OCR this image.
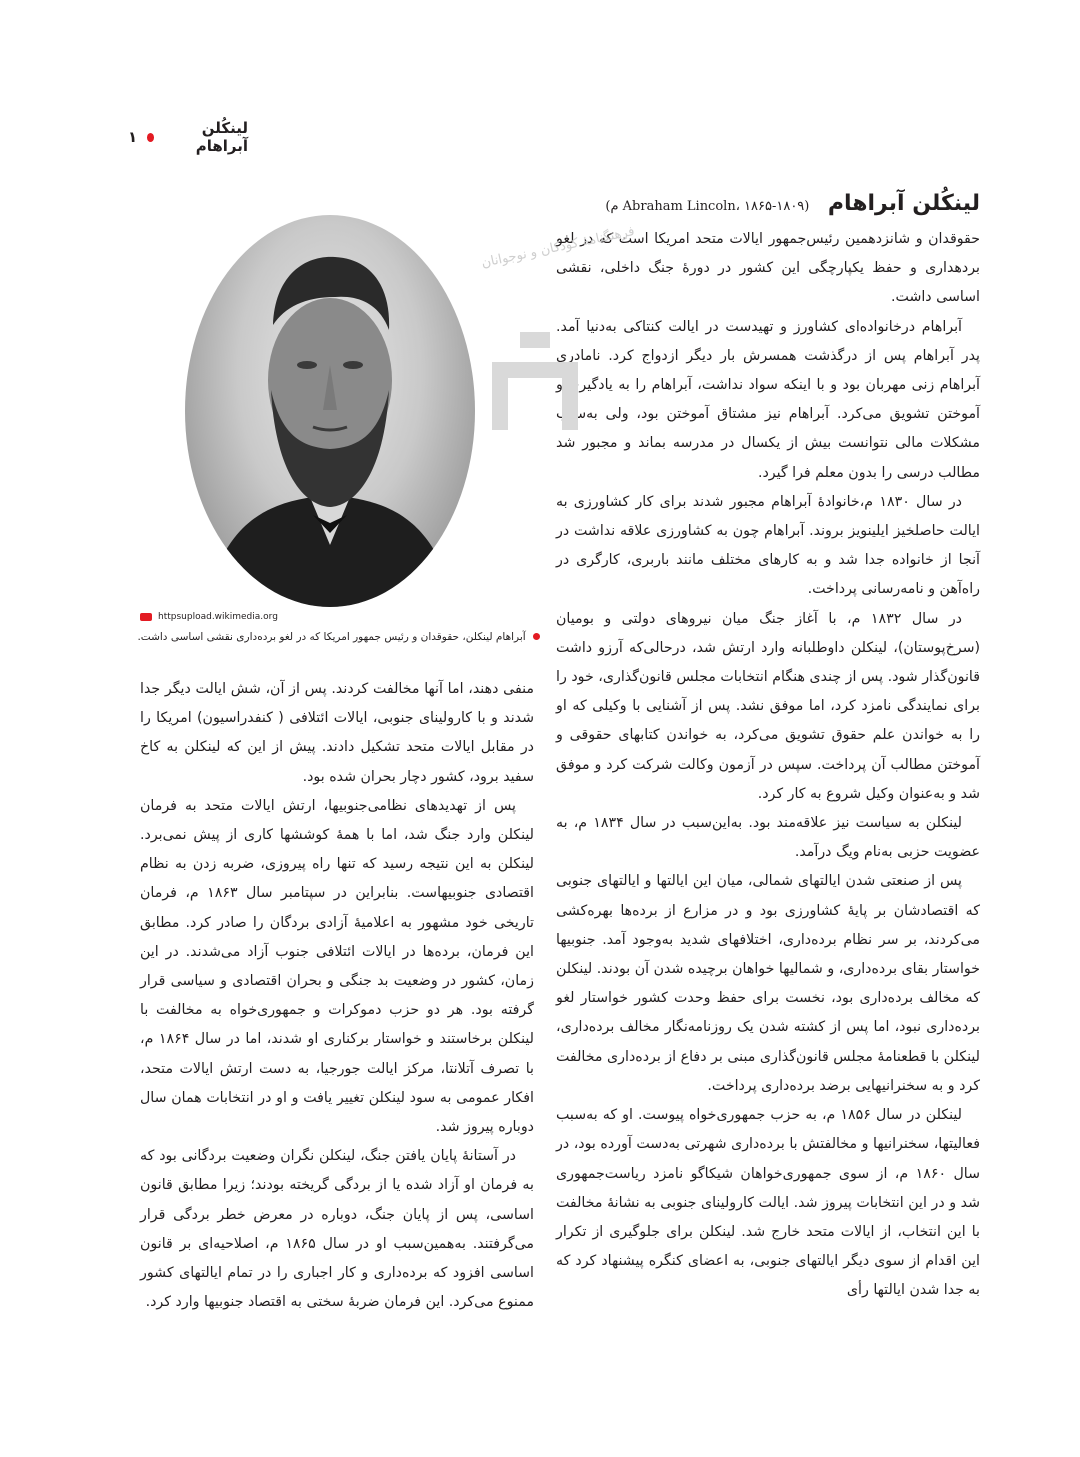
لینکُلن آبراهام
۱
httpsupload.wikimedia.org
آبراهام لینکلن، حقوقدان و رئیس جمهور امریکا که در لغو برده‌داری نقشی اساسی داشت.

لینکُلن آبراهام (Abraham Lincoln، ۱۸۶۵-۱۸۰۹ م)

حقوقدان و شانزدهمین رئیس‌جمهور ایالات متحد امریکا است که در لغو بردهداری و حفظ یکپارچگی این کشور در دورهٔ جنگ داخلی، نقشی اساسی داشت.

آبراهام درخانواده‌ای کشاورز و تهیدست در ایالت کنتاکی به‌دنیا آمد. پدر آبراهام پس از درگذشت همسرش بار دیگر ازدواج کرد. نامادری آبراهام زنی مهربان بود و با اینکه سواد نداشت، آبراهام را به یادگیری و آموختن تشویق می‌کرد. آبراهام نیز مشتاق آموختن بود، ولی به‌سبب مشکلات مالی نتوانست بیش از یکسال در مدرسه بماند و مجبور شد مطالب درسی را بدون معلم فرا گیرد.

در سال ۱۸۳۰ م،خانوادهٔ آبراهام مجبور شدند برای کار کشاورزی به ایالت حاصلخیز ایلینویز بروند. آبراهام چون به کشاورزی علاقه نداشت در آنجا از خانواده جدا شد و به کارهای مختلف مانند باربری، کارگری در راه‌آهن و نامه‌رسانی پرداخت.

در سال ۱۸۳۲ م، با آغاز جنگ میان نیروهای دولتی و بومیان (سرخ‌پوستان)، لینکلن داوطلبانه وارد ارتش شد، درحالی‌که آرزو داشت قانون‌گذار شود. پس از چندی هنگام انتخابات مجلس قانون‌گذاری، خود را برای نمایندگی نامزد کرد، اما موفق نشد. پس از آشنایی با وکیلی که او را به خواندن علم حقوق تشویق می‌کرد، به خواندن کتابهای حقوقی و آموختن مطالب آن پرداخت. سپس در آزمون وکالت شرکت کرد و موفق شد و به‌عنوان وکیل شروع به کار کرد.

لینکلن به سیاست نیز علاقه‌مند بود. به‌این‌سبب در سال ۱۸۳۴ م، به عضویت حزبی به‌نام ویگ درآمد.

پس از صنعتی شدن ایالتهای شمالی، میان این ایالتها و ایالتهای جنوبی که اقتصادشان بر پایهٔ کشاورزی بود و در مزارع از برده‌ها بهره‌کشی می‌کردند، بر سر نظام برده‌داری، اختلافهای شدید به‌وجود آمد. جنوبیها خواستار بقای برده‌داری، و شمالیها خواهان برچیده شدن آن بودند. لینکلن که مخالف برده‌داری بود، نخست برای حفظ وحدت کشور خواستار لغو برده‌داری نبود، اما پس از کشته شدن یک روزنامه‌نگار مخالف برده‌داری، لینکلن با قطعنامهٔ مجلس قانون‌گذاری مبنی بر دفاع از برده‌داری مخالفت کرد و به سخنرانیهایی برضد برده‌داری پرداخت.

لینکلن در سال ۱۸۵۶ م، به حزب جمهوری‌خواه پیوست. او که به‌سبب فعالیتها، سخنرانیها و مخالفتش با برده‌داری شهرتی به‌دست آورده بود، در سال ۱۸۶۰ م، از سوی جمهوری‌خواهان شیکاگو نامزد ریاست‌جمهوری شد و در این انتخابات پیروز شد. ایالت کارولینای جنوبی به نشانهٔ مخالفت با این انتخاب، از ایالات متحد خارج شد. لینکلن برای جلوگیری از تکرار این اقدام از سوی دیگر ایالتهای جنوبی، به اعضای کنگره پیشنهاد کرد که به جدا شدن ایالتها رأی

منفی دهند، اما آنها مخالفت کردند. پس از آن، شش ایالت دیگر جدا شدند و با کارولینای جنوبی، ایالات ائتلافی ( کنفدراسیون) امریکا را در مقابل ایالات متحد تشکیل دادند. پیش از این که لینکلن به کاخ سفید برود، کشور دچار بحران شده بود.

پس از تهدیدهای نظامی‌جنوبیها، ارتش ایالات متحد به فرمان لینکلن وارد جنگ شد، اما با همهٔ کوششها کاری از پیش نمی‌برد. لینکلن به این نتیجه رسید که تنها راه پیروزی، ضربه زدن به نظام اقتصادی جنوبیهاست. بنابراین در سپتامبر سال ۱۸۶۳ م، فرمان تاریخی خود مشهور به اعلامیهٔ آزادی بردگان را صادر کرد. مطابق این فرمان، برده‌ها در ایالات ائتلافی جنوب آزاد می‌شدند. در این زمان، کشور در وضعیت بد جنگی و بحران اقتصادی و سیاسی قرار گرفته بود. هر دو حزب دموکرات و جمهوری‌خواه به مخالفت با لینکلن برخاستند و خواستار برکناری او شدند، اما در سال ۱۸۶۴ م، با تصرف آتلانتا، مرکز ایالت جورجیا، به دست ارتش ایالات متحد، افکار عمومی به سود لینکلن تغییر یافت و او در انتخابات همان سال دوباره پیروز شد.

در آستانهٔ پایان یافتن جنگ، لینکلن نگران وضعیت بردگانی بود که به فرمان او آزاد شده یا از بردگی گریخته بودند؛ زیرا مطابق قانون اساسی، پس از پایان جنگ، دوباره در معرض خطر بردگی قرار می‌گرفتند. به‌همین‌سبب او در سال ۱۸۶۵ م، اصلاحیه‌ای بر قانون اساسی افزود که برده‌داری و کار اجباری را در تمام ایالتهای کشور ممنوع می‌کرد. این فرمان ضربهٔ سختی به اقتصاد جنوبیها وارد کرد.

فرهنگنامهٔ کودکان و نوجوانان
